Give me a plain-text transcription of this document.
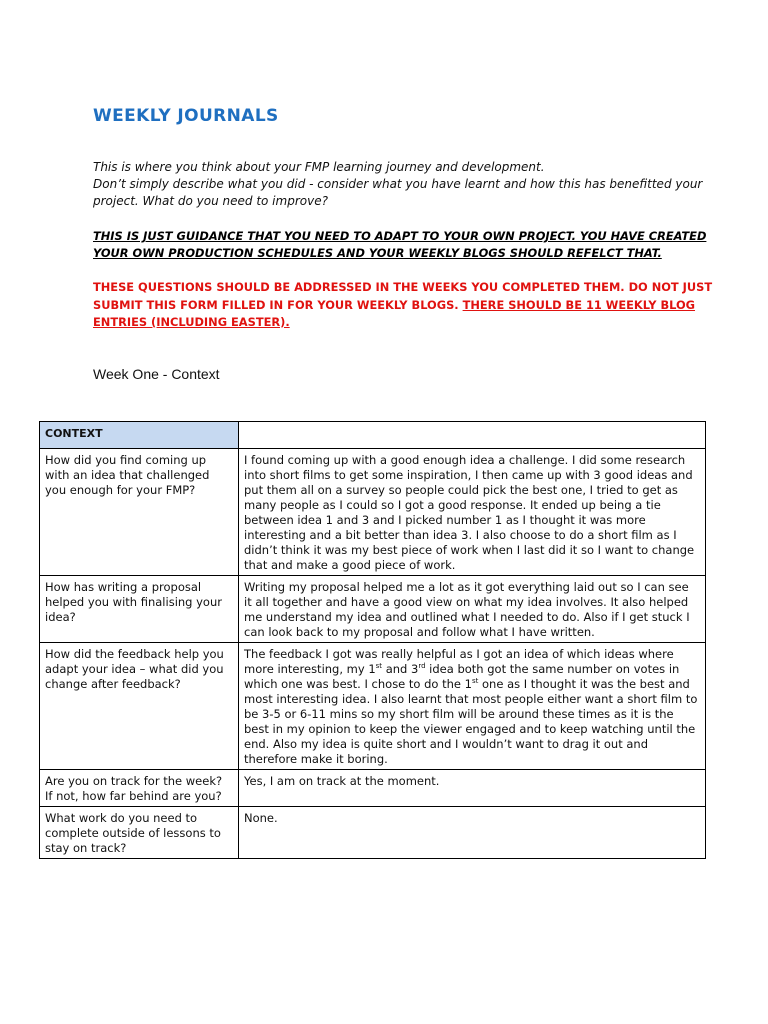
WEEKLY JOURNALS

This is where you think about your FMP learning journey and development.

Don’t simply describe what you did - consider what you have learnt and how this has benefitted your project. What do you need to improve?

THIS IS JUST GUIDANCE THAT YOU NEED TO ADAPT TO YOUR OWN PROJECT. YOU HAVE CREATED YOUR OWN PRODUCTION SCHEDULES AND YOUR WEEKLY BLOGS SHOULD REFELCT THAT.
THESE QUESTIONS SHOULD BE ADDRESSED IN THE WEEKS YOU COMPLETED THEM. DO NOT JUST SUBMIT THIS FORM FILLED IN FOR YOUR WEEKLY BLOGS. THERE SHOULD BE 11 WEEKLY BLOG ENTRIES (INCLUDING EASTER).
Week One - Context
CONTEXT	
How did you find coming up with an idea that challenged you enough for your FMP?	I found coming up with a good enough idea a challenge. I did some research into short films to get some inspiration, I then came up with 3 good ideas and put them all on a survey so people could pick the best one, I tried to get as many people as I could so I got a good response. It ended up being a tie between idea 1 and 3 and I picked number 1 as I thought it was more interesting and a bit better than idea 3. I also choose to do a short film as I didn’t think it was my best piece of work when I last did it so I want to change that and make a good piece of work.
How has writing a proposal helped you with finalising your idea?	Writing my proposal helped me a lot as it got everything laid out so I can see it all together and have a good view on what my idea involves. It also helped me understand my idea and outlined what I needed to do. Also if I get stuck I can look back to my proposal and follow what I have written.
How did the feedback help you adapt your idea – what did you change after feedback?	The feedback I got was really helpful as I got an idea of which ideas where more interesting, my 1st and 3rd idea both got the same number on votes in which one was best. I chose to do the 1st one as I thought it was the best and most interesting idea. I also learnt that most people either want a short film to be 3-5 or 6-11 mins so my short film will be around these times as it is the best in my opinion to keep the viewer engaged and to keep watching until the end. Also my idea is quite short and I wouldn’t want to drag it out and therefore make it boring.
Are you on track for the week? If not, how far behind are you?	Yes, I am on track at the moment.
What work do you need to complete outside of lessons to stay on track?	None.
